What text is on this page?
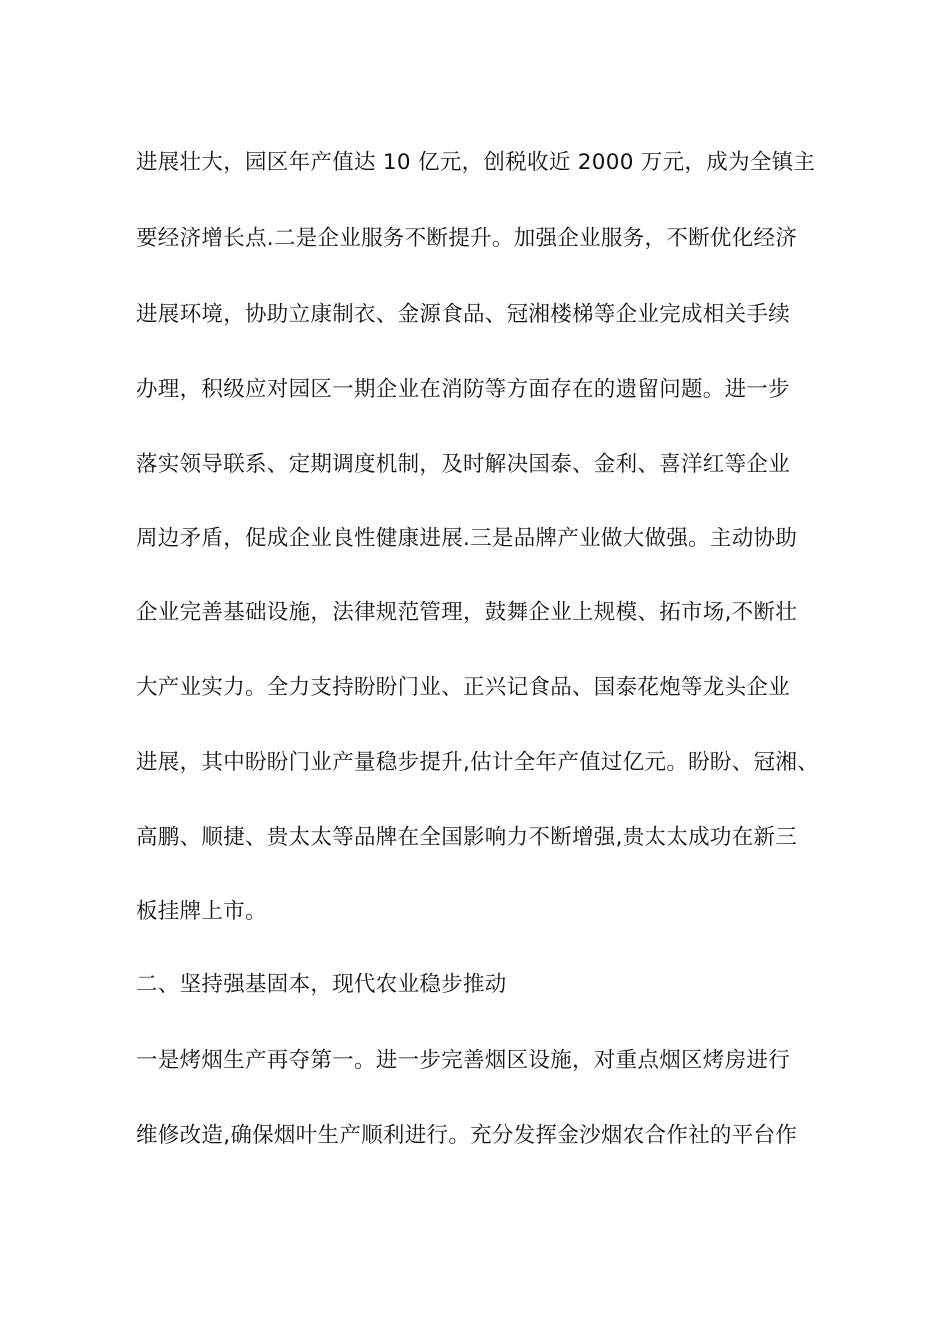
进展壮大，园区年产值达 10 亿元，创税收近 2000 万元，成为全镇主
要经济增长点.二是企业服务不断提升。加强企业服务，不断优化经济
进展环境，协助立康制衣、金源食品、冠湘楼梯等企业完成相关手续
办理，积级应对园区一期企业在消防等方面存在的遗留问题。进一步
落实领导联系、定期调度机制，及时解决国泰、金利、喜洋红等企业
周边矛盾，促成企业良性健康进展.三是品牌产业做大做强。主动协助
企业完善基础设施，法律规范管理，鼓舞企业上规模、拓市场,不断壮
大产业实力。全力支持盼盼门业、正兴记食品、国泰花炮等龙头企业
进展，其中盼盼门业产量稳步提升,估计全年产值过亿元。盼盼、冠湘、
高鹏、顺捷、贵太太等品牌在全国影响力不断增强,贵太太成功在新三
板挂牌上市。
二、坚持强基固本，现代农业稳步推动
一是烤烟生产再夺第一。进一步完善烟区设施，对重点烟区烤房进行
维修改造,确保烟叶生产顺利进行。充分发挥金沙烟农合作社的平台作
